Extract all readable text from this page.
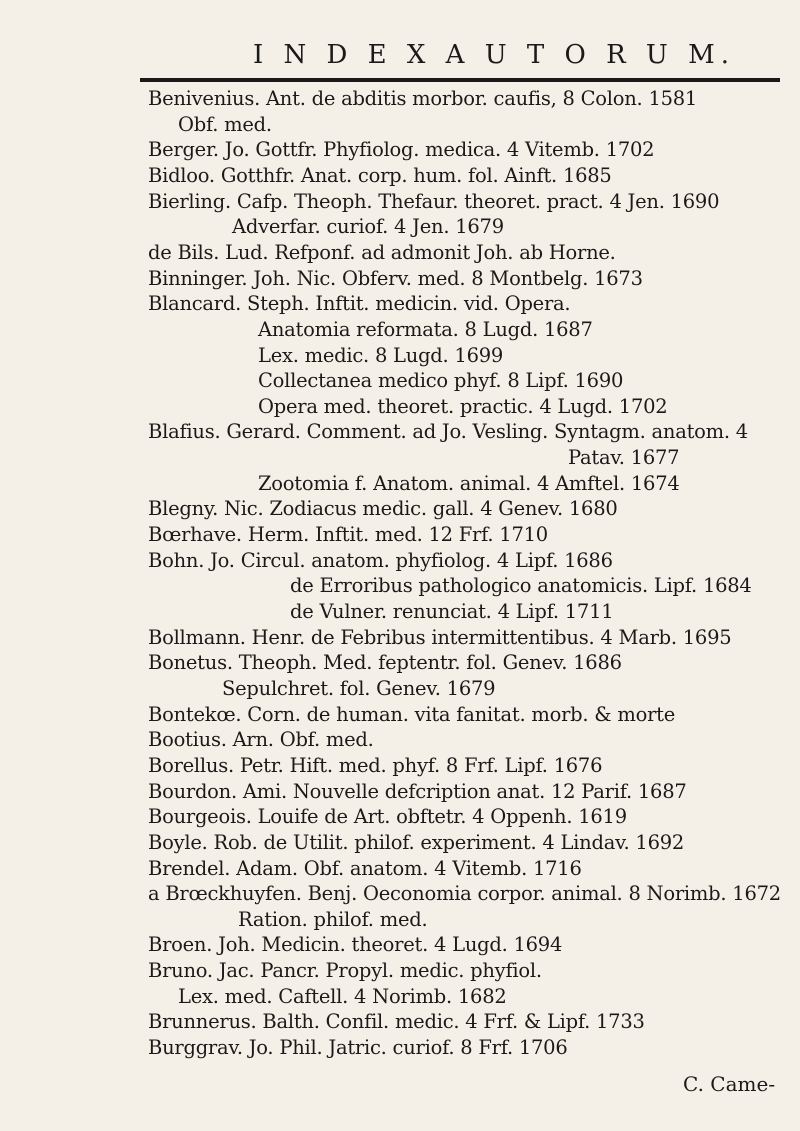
I N D E X A U T O R U M.
Benivenius. Ant. de abditis morbor. caufis, 8 Colon. 1581
Obf. med.
Berger. Jo. Gottfr. Phyfiolog. medica. 4 Vitemb. 1702
Bidloo. Gotthfr. Anat. corp. hum. fol. Ainft. 1685
Bierling. Cafp. Theoph. Thefaur. theoret. pract. 4 Jen. 1690
Adverfar. curiof. 4 Jen. 1679
de Bils. Lud. Refponf. ad admonit Joh. ab Horne.
Binninger. Joh. Nic. Obferv. med. 8 Montbelg. 1673
Blancard. Steph. Inftit. medicin. vid. Opera.
Anatomia reformata. 8 Lugd. 1687
Lex. medic. 8 Lugd. 1699
Collectanea medico phyf. 8 Lipf. 1690
Opera med. theoret. practic. 4 Lugd. 1702
Blafius. Gerard. Comment. ad Jo. Vesling. Syntagm. anatom. 4
Patav. 1677
Zootomia f. Anatom. animal. 4 Amftel. 1674
Blegny. Nic. Zodiacus medic. gall. 4 Genev. 1680
Bœrhave. Herm. Inftit. med. 12 Frf. 1710
Bohn. Jo. Circul. anatom. phyfiolog. 4 Lipf. 1686
de Erroribus pathologico anatomicis. Lipf. 1684
de Vulner. renunciat. 4 Lipf. 1711
Bollmann. Henr. de Febribus intermittentibus. 4 Marb. 1695
Bonetus. Theoph. Med. feptentr. fol. Genev. 1686
Sepulchret. fol. Genev. 1679
Bontekœ. Corn. de human. vita fanitat. morb. & morte
Bootius. Arn. Obf. med.
Borellus. Petr. Hift. med. phyf. 8 Frf. Lipf. 1676
Bourdon. Ami. Nouvelle defcription anat. 12 Parif. 1687
Bourgeois. Louife de Art. obftetr. 4 Oppenh. 1619
Boyle. Rob. de Utilit. philof. experiment. 4 Lindav. 1692
Brendel. Adam. Obf. anatom. 4 Vitemb. 1716
a Brœckhuyfen. Benj. Oeconomia corpor. animal. 8 Norimb. 1672
Ration. philof. med.
Broen. Joh. Medicin. theoret. 4 Lugd. 1694
Bruno. Jac. Pancr. Propyl. medic. phyfiol.
Lex. med. Caftell. 4 Norimb. 1682
Brunnerus. Balth. Confil. medic. 4 Frf. & Lipf. 1733
Burggrav. Jo. Phil. Jatric. curiof. 8 Frf. 1706
C. Came-
